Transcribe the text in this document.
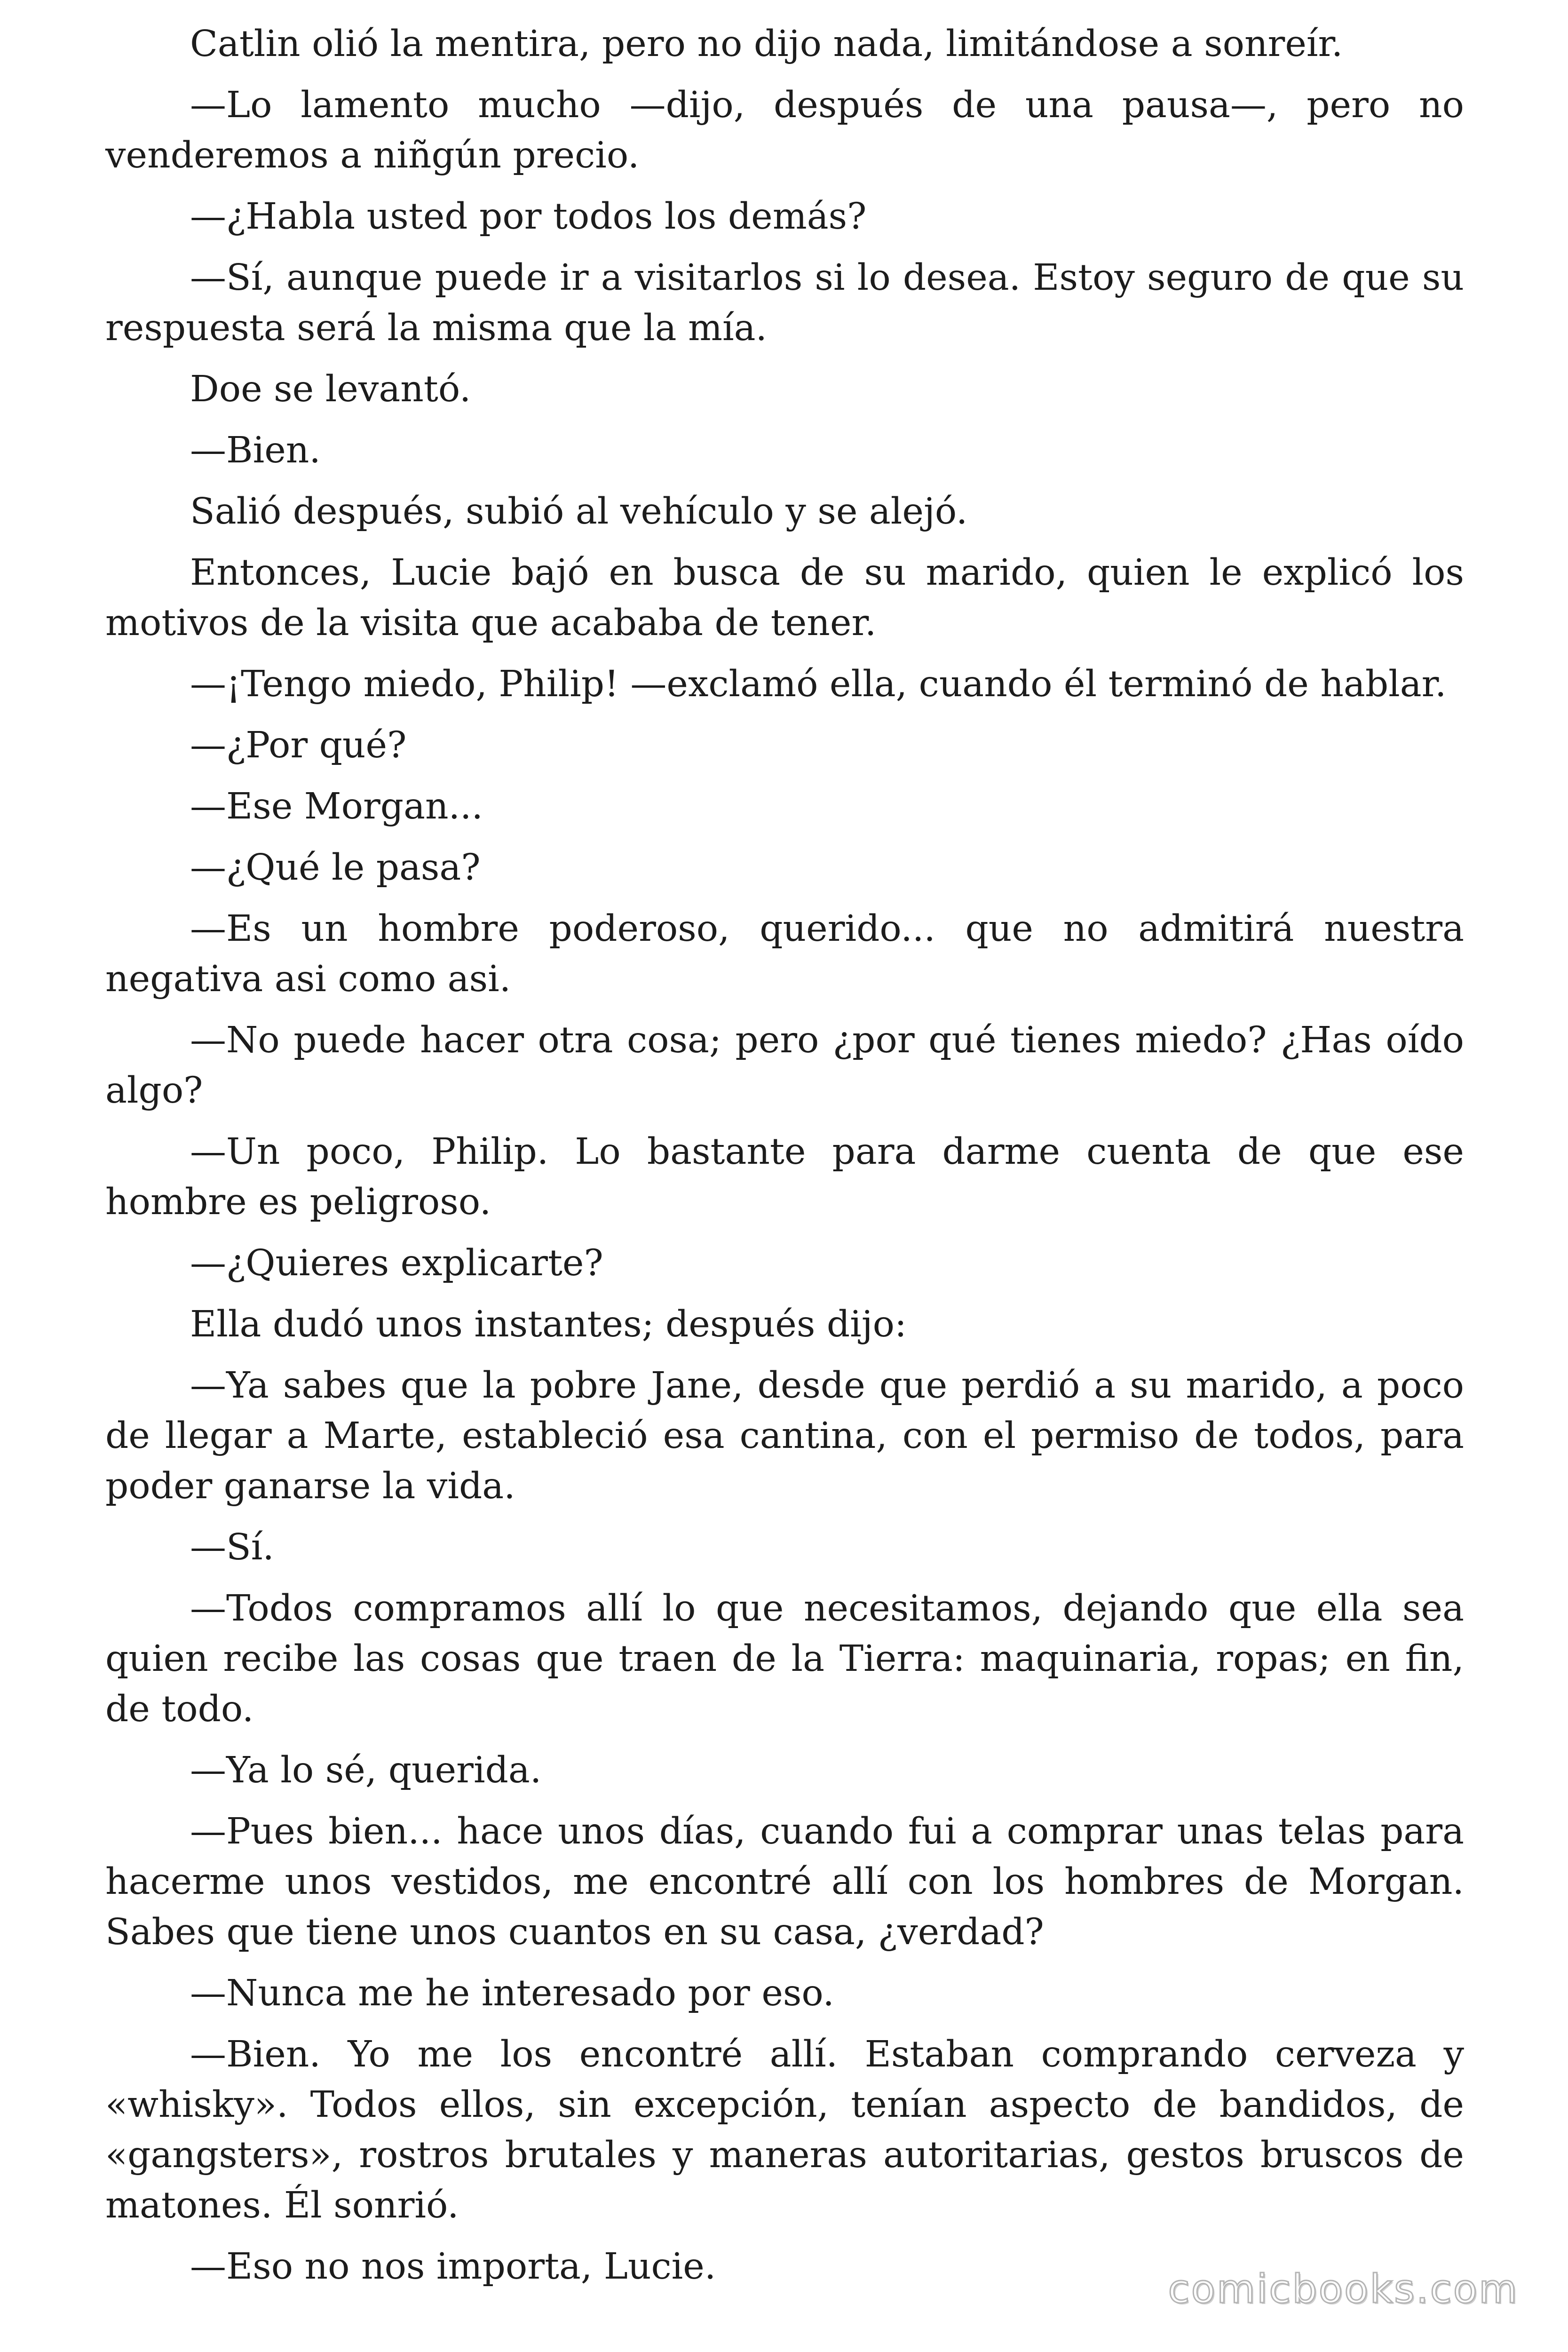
Catlin olió la mentira, pero no dijo nada, limitándose a sonreír.

—Lo lamento mucho —dijo, después de una pausa—, pero no venderemos a niñgún precio.

—¿Habla usted por todos los demás?

—Sí, aunque puede ir a visitarlos si lo desea. Estoy seguro de que su respuesta será la misma que la mía.

Doe se levantó.

—Bien.

Salió después, subió al vehículo y se alejó.

Entonces, Lucie bajó en busca de su marido, quien le explicó los motivos de la visita que acababa de tener.

—¡Tengo miedo, Philip! —exclamó ella, cuando él terminó de hablar.

—¿Por qué?

—Ese Morgan...

—¿Qué le pasa?

—Es un hombre poderoso, querido... que no admitirá nuestra negativa asi como asi.

—No puede hacer otra cosa; pero ¿por qué tienes miedo? ¿Has oído algo?

—Un poco, Philip. Lo bastante para darme cuenta de que ese hombre es peligroso.

—¿Quieres explicarte?

Ella dudó unos instantes; después dijo:

—Ya sabes que la pobre Jane, desde que perdió a su marido, a poco de llegar a Marte, estableció esa cantina, con el permiso de todos, para poder ganarse la vida.

—Sí.

—Todos compramos allí lo que necesitamos, dejando que ella sea quien recibe las cosas que traen de la Tierra: maquinaria, ropas; en fin, de todo.

—Ya lo sé, querida.

—Pues bien... hace unos días, cuando fui a comprar unas telas para hacerme unos vestidos, me encontré allí con los hombres de Morgan. Sabes que tiene unos cuantos en su casa, ¿verdad?

—Nunca me he interesado por eso.

—Bien. Yo me los encontré allí. Estaban comprando cerveza y «whisky». Todos ellos, sin excepción, tenían aspecto de bandidos, de «gangsters», rostros brutales y maneras autoritarias, gestos bruscos de matones. Él sonrió.

—Eso no nos importa, Lucie.	comicbooks.com
